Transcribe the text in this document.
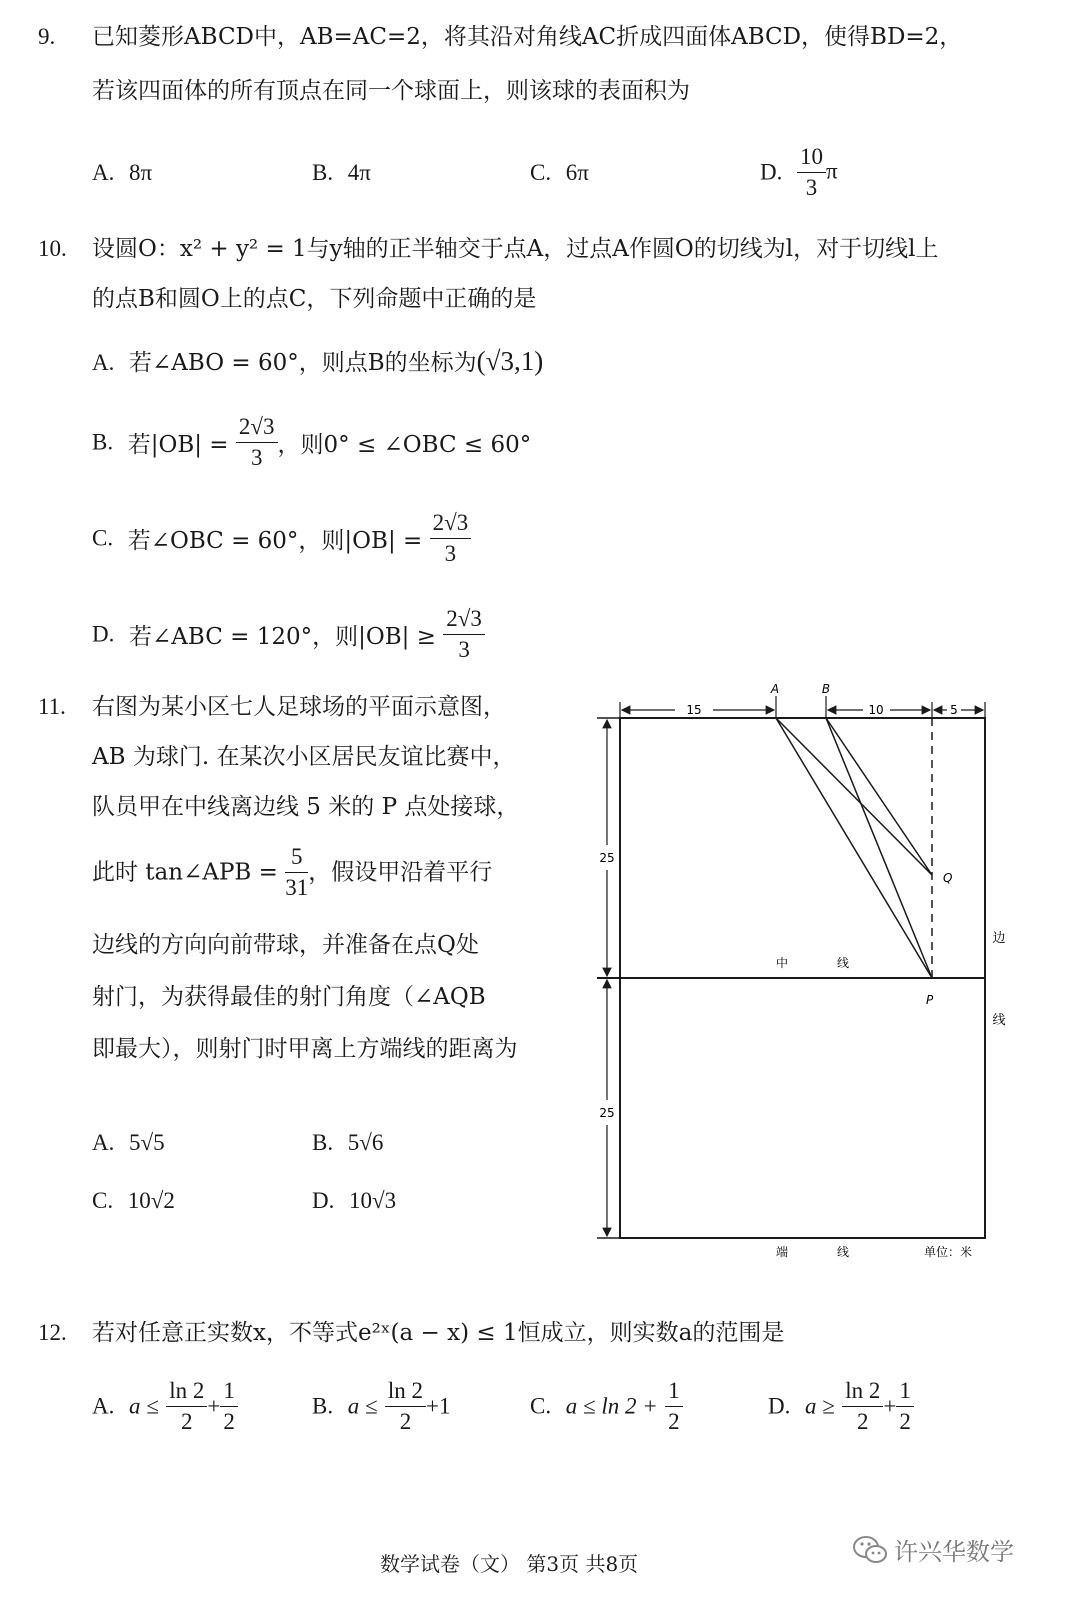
9. 已知菱形ABCD中，AB=AC=2，将其沿对角线AC折成四面体ABCD，使得BD=2，
若该四面体的所有顶点在同一个球面上，则该球的表面积为
A. 8π	B. 4π	C. 6π	D. $\frac{10}{3}$ π
10. 设圆O：x² + y² = 1与y轴的正半轴交于点A，过点A作圆O的切线为l，对于切线l上
的点B和圆O上的点C，下列命题中正确的是
A. 若∠ABO = 60°，则点B的坐标为(√3,1)
B. 若$|OB| = \frac{2√3}{3}$ ，则0° ≤ ∠OBC ≤ 60°
C. 若∠OBC = 60°，则$|OB| = \frac{2√3}{3}$
D. 若∠ABC = 120°，则$|OB| \ge \frac{2√3}{3}$
11. 右图为某小区七人足球场的平面示意图，
AB 为球门. 在某次小区居民友谊比赛中，
队员甲在中线离边线 5 米的 P 点处接球，
此时 tan∠APB = $\frac{5}{31}$ ，假设甲沿着平行
边线的方向向前带球，并准备在点Q处
射门，为获得最佳的射门角度（∠AQB
即最大），则射门时甲离上方端线的距离为
A. 5√5	B. 5√6
C. 10√2	D. 10√3
15	10	5
25
25
A	B
Q
P
中	线
边
线
端	线	单位：米
12. 若对任意正实数x，不等式e²ˣ(a − x) ≤ 1恒成立，则实数a的范围是
A. $a \le \frac{\ln 2}{2} + \frac{1}{2}$	B. $a \le \frac{\ln 2}{2} +1$	C. $a \le \ln 2 + \frac{1}{2}$	D. $a \ge \frac{\ln 2}{2} + \frac{1}{2}$
数学试卷（文） 第3页 共8页	许兴华数学
